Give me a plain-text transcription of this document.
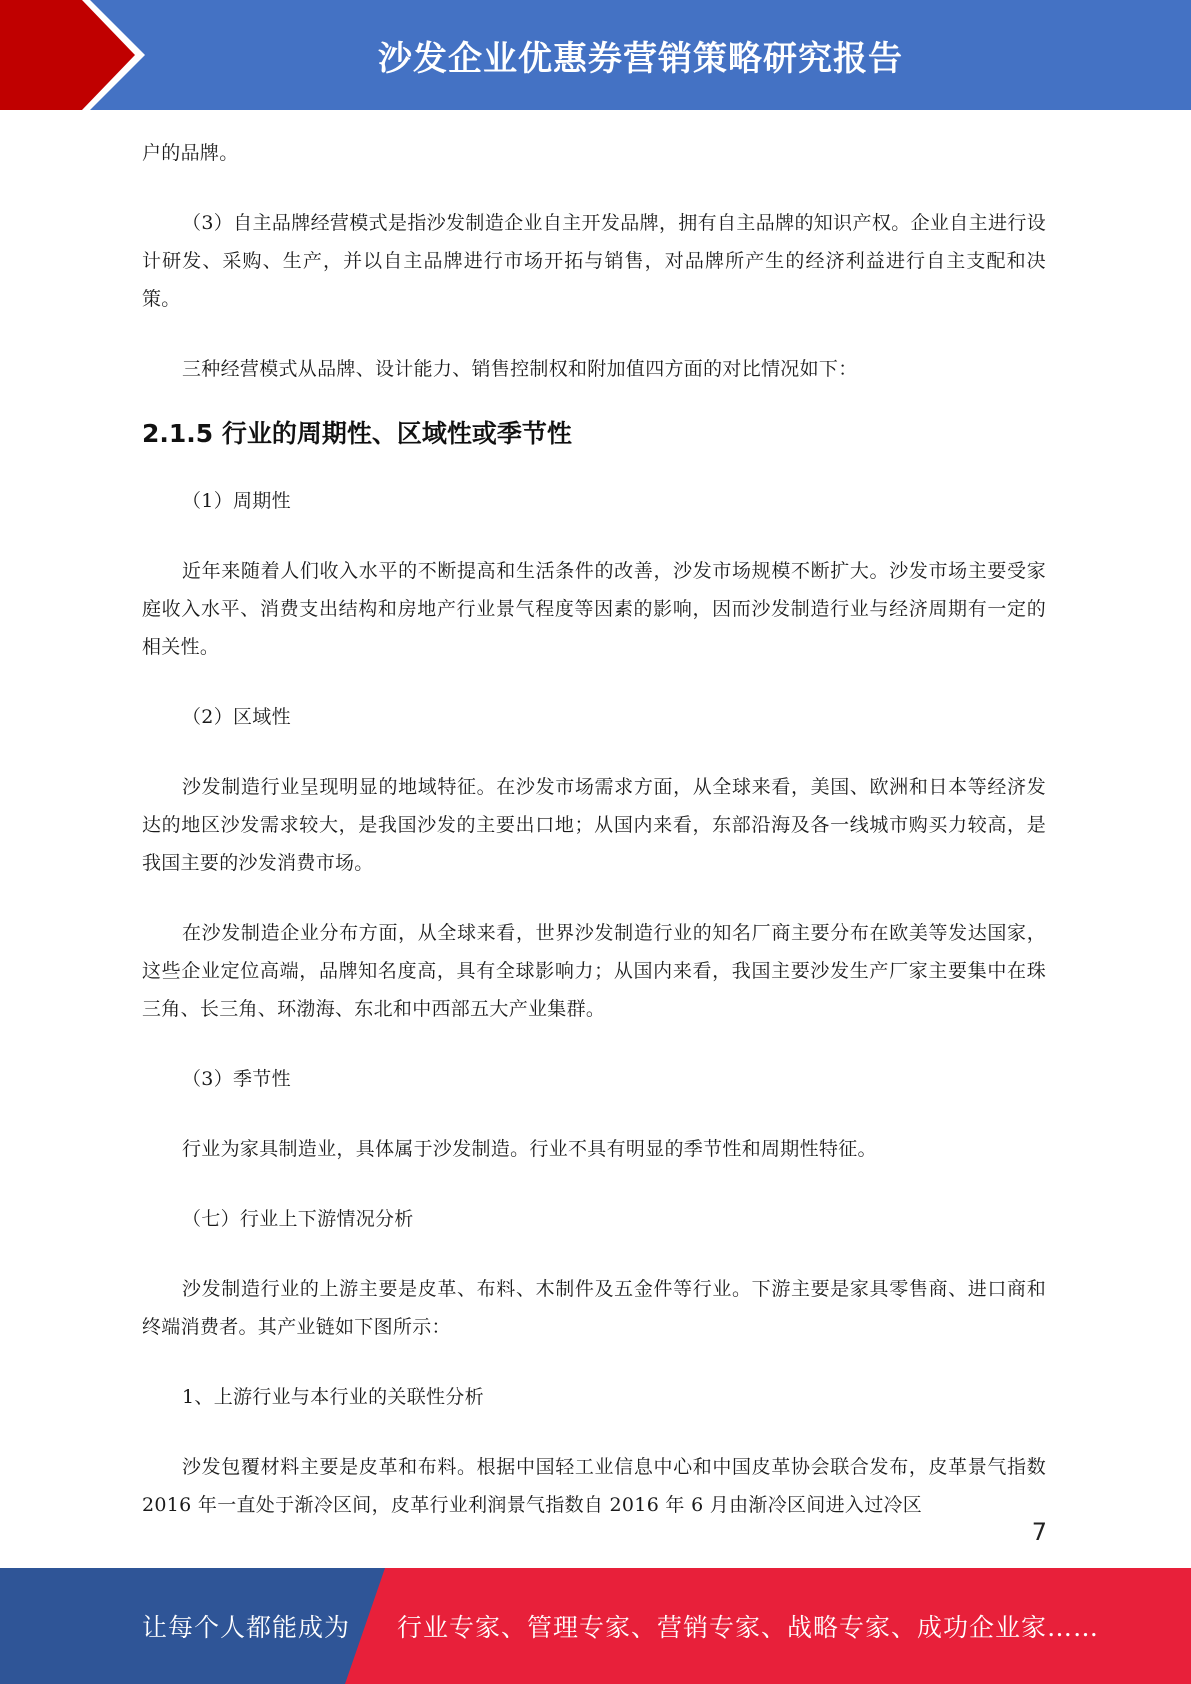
沙发企业优惠券营销策略研究报告

户的品牌。

（3）自主品牌经营模式是指沙发制造企业自主开发品牌，拥有自主品牌的知识产权。企业自主进行设计研发、采购、生产，并以自主品牌进行市场开拓与销售，对品牌所产生的经济利益进行自主支配和决策。

三种经营模式从品牌、设计能力、销售控制权和附加值四方面的对比情况如下：

2.1.5 行业的周期性、区域性或季节性

（1）周期性

近年来随着人们收入水平的不断提高和生活条件的改善，沙发市场规模不断扩大。沙发市场主要受家庭收入水平、消费支出结构和房地产行业景气程度等因素的影响，因而沙发制造行业与经济周期有一定的相关性。

（2）区域性

沙发制造行业呈现明显的地域特征。在沙发市场需求方面，从全球来看，美国、欧洲和日本等经济发达的地区沙发需求较大，是我国沙发的主要出口地；从国内来看，东部沿海及各一线城市购买力较高，是我国主要的沙发消费市场。

在沙发制造企业分布方面，从全球来看，世界沙发制造行业的知名厂商主要分布在欧美等发达国家，这些企业定位高端，品牌知名度高，具有全球影响力；从国内来看，我国主要沙发生产厂家主要集中在珠三角、长三角、环渤海、东北和中西部五大产业集群。

（3）季节性

行业为家具制造业，具体属于沙发制造。行业不具有明显的季节性和周期性特征。

（七）行业上下游情况分析

沙发制造行业的上游主要是皮革、布料、木制件及五金件等行业。下游主要是家具零售商、进口商和终端消费者。其产业链如下图所示：

1、上游行业与本行业的关联性分析

沙发包覆材料主要是皮革和布料。根据中国轻工业信息中心和中国皮革协会联合发布，皮革景气指数 2016 年一直处于渐冷区间，皮革行业利润景气指数自 2016 年 6 月由渐冷区间进入过冷区

7
让每个人都能成为 行业专家、管理专家、营销专家、战略专家、成功企业家……
